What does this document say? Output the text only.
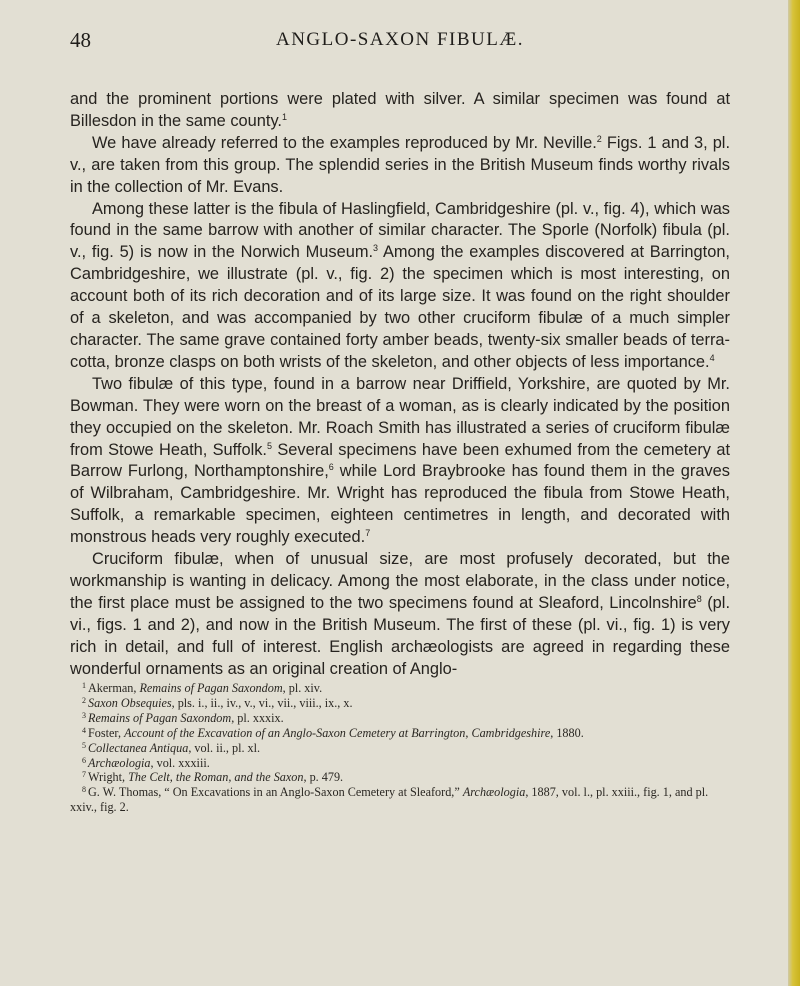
48	ANGLO-SAXON FIBULÆ.

and the prominent portions were plated with silver. A similar specimen was found at Billesdon in the same county.$^1$

We have already referred to the examples reproduced by Mr. Neville.$^2$ Figs. 1 and 3, pl. v., are taken from this group. The splendid series in the British Museum finds worthy rivals in the collection of Mr. Evans.

Among these latter is the fibula of Haslingfield, Cambridgeshire (pl. v., fig. 4), which was found in the same barrow with another of similar character. The Sporle (Norfolk) fibula (pl. v., fig. 5) is now in the Norwich Museum.$^3$ Among the examples discovered at Barrington, Cambridgeshire, we illustrate (pl. v., fig. 2) the specimen which is most interesting, on account both of its rich decoration and of its large size. It was found on the right shoulder of a skeleton, and was accompanied by two other cruciform fibulæ of a much simpler character. The same grave contained forty amber beads, twenty-six smaller beads of terra-cotta, bronze clasps on both wrists of the skeleton, and other objects of less importance.$^4$

Two fibulæ of this type, found in a barrow near Driffield, Yorkshire, are quoted by Mr. Bowman. They were worn on the breast of a woman, as is clearly indicated by the position they occupied on the skeleton. Mr. Roach Smith has illustrated a series of cruciform fibulæ from Stowe Heath, Suffolk.$^5$ Several specimens have been exhumed from the cemetery at Barrow Furlong, Northamptonshire,$^6$ while Lord Braybrooke has found them in the graves of Wilbraham, Cambridgeshire. Mr. Wright has reproduced the fibula from Stowe Heath, Suffolk, a remarkable specimen, eighteen centimetres in length, and decorated with monstrous heads very roughly executed.$^7$

Cruciform fibulæ, when of unusual size, are most profusely decorated, but the workmanship is wanting in delicacy. Among the most elaborate, in the class under notice, the first place must be assigned to the two specimens found at Sleaford, Lincolnshire$^8$ (pl. vi., figs. 1 and 2), and now in the British Museum. The first of these (pl. vi., fig. 1) is very rich in detail, and full of interest. English archæologists are agreed in regarding these wonderful ornaments as an original creation of Anglo-

$^1$ Akerman, Remains of Pagan Saxondom, pl. xiv.

$^2$ Saxon Obsequies, pls. i., ii., iv., v., vi., vii., viii., ix., x.

$^3$ Remains of Pagan Saxondom, pl. xxxix.

$^4$ Foster, Account of the Excavation of an Anglo-Saxon Cemetery at Barrington, Cambridgeshire, 1880.

$^5$ Collectanea Antiqua, vol. ii., pl. xl.

$^6$ Archæologia, vol. xxxiii.

$^7$ Wright, The Celt, the Roman, and the Saxon, p. 479.

$^8$ G. W. Thomas, “ On Excavations in an Anglo-Saxon Cemetery at Sleaford,” Archæologia, 1887, vol. l., pl. xxiii., fig. 1, and pl. xxiv., fig. 2.
